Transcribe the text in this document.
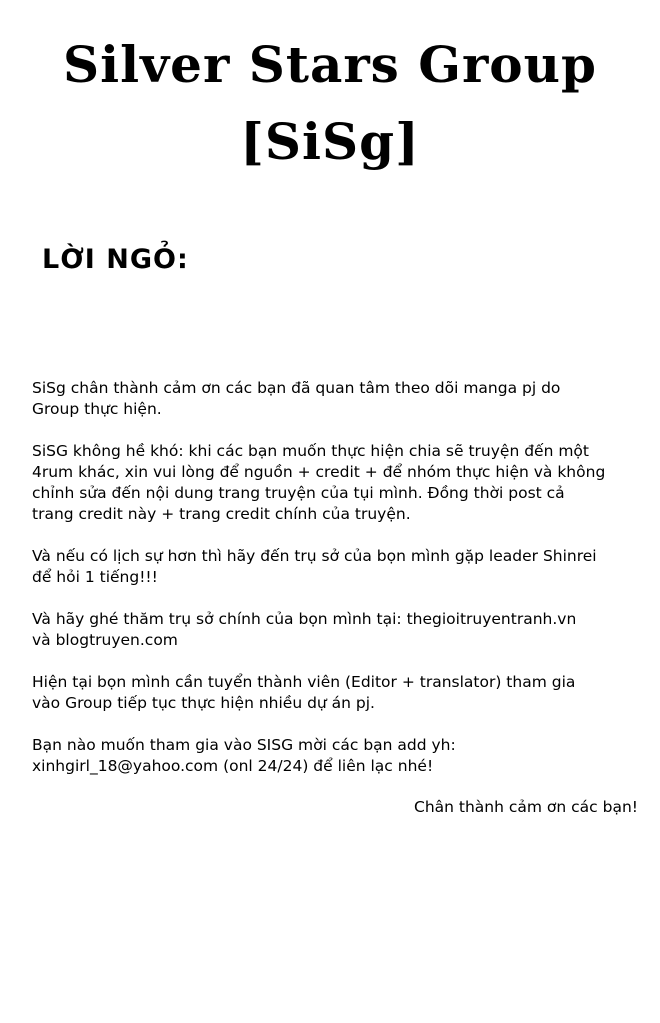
Silver Stars Group
[SiSg]
LỜI NGỎ:

SiSg chân thành cảm ơn các bạn đã quan tâm theo dõi manga pj do
Group thực hiện.

SiSG không hề khó: khi các bạn muốn thực hiện chia sẽ truyện đến một
4rum khác, xin vui lòng để nguồn + credit + để nhóm thực hiện và không
chỉnh sửa đến nội dung trang truyện của tụi mình. Đồng thời post cả
trang credit này + trang credit chính của truyện.

Và nếu có lịch sự hơn thì hãy đến trụ sở của bọn mình gặp leader Shinrei
để hỏi 1 tiếng!!!

Và hãy ghé thăm trụ sở chính của bọn mình tại: thegioitruyentranh.vn
và blogtruyen.com

Hiện tại bọn mình cần tuyển thành viên (Editor + translator) tham gia
vào Group tiếp tục thực hiện nhiều dự án pj.

Bạn nào muốn tham gia vào SISG mời các bạn add yh:
xinhgirl_18@yahoo.com (onl 24/24) để liên lạc nhé!

Chân thành cảm ơn các bạn!
